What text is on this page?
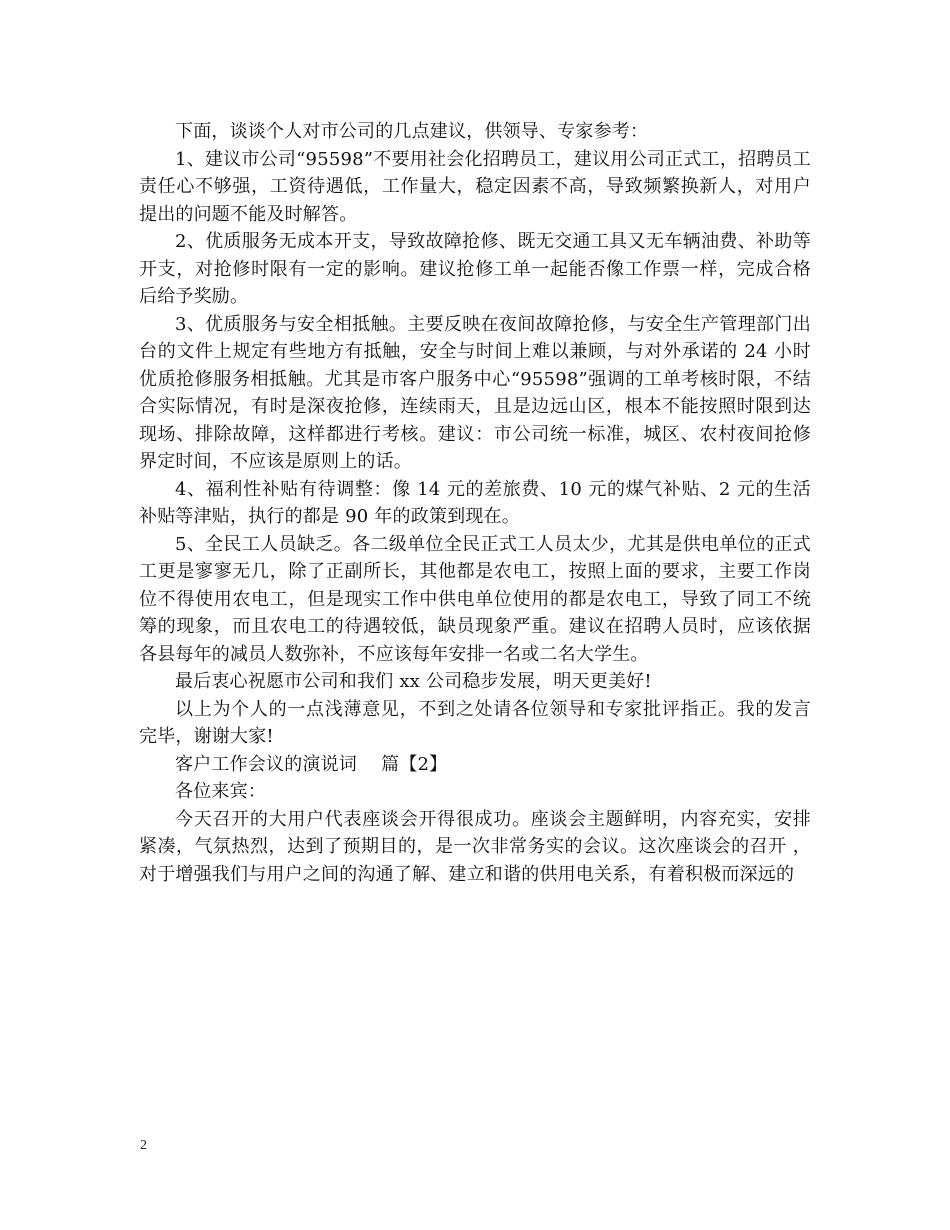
下面，谈谈个人对市公司的几点建议，供领导、专家参考：

1、建议市公司“95598”不要用社会化招聘员工，建议用公司正式工，招聘员工责任心不够强，工资待遇低，工作量大，稳定因素不高，导致频繁换新人，对用户提出的问题不能及时解答。

2、优质服务无成本开支，导致故障抢修、既无交通工具又无车辆油费、补助等开支，对抢修时限有一定的影响。建议抢修工单一起能否像工作票一样，完成合格后给予奖励。

3、优质服务与安全相抵触。主要反映在夜间故障抢修，与安全生产管理部门出台的文件上规定有些地方有抵触，安全与时间上难以兼顾，与对外承诺的 24 小时优质抢修服务相抵触。尤其是市客户服务中心“95598”强调的工单考核时限，不结合实际情况，有时是深夜抢修，连续雨天，且是边远山区，根本不能按照时限到达现场、排除故障，这样都进行考核。建议：市公司统一标准，城区、农村夜间抢修界定时间，不应该是原则上的话。

4、福利性补贴有待调整：像 14 元的差旅费、10 元的煤气补贴、2 元的生活补贴等津贴，执行的都是 90 年的政策到现在。

5、全民工人员缺乏。各二级单位全民正式工人员太少，尤其是供电单位的正式工更是寥寥无几，除了正副所长，其他都是农电工，按照上面的要求，主要工作岗位不得使用农电工，但是现实工作中供电单位使用的都是农电工，导致了同工不统筹的现象，而且农电工的待遇较低，缺员现象严重。建议在招聘人员时，应该依据各县每年的减员人数弥补，不应该每年安排一名或二名大学生。

最后衷心祝愿市公司和我们 xx 公司稳步发展，明天更美好!

以上为个人的一点浅薄意见，不到之处请各位领导和专家批评指正。我的发言完毕，谢谢大家!

客户工作会议的演说词　 篇【2】

各位来宾：

今天召开的大用户代表座谈会开得很成功。座谈会主题鲜明，内容充实，安排紧凑，气氛热烈，达到了预期目的，是一次非常务实的会议。这次座谈会的召开 ，对于增强我们与用户之间的沟通了解、建立和谐的供用电关系，有着积极而深远的

2
